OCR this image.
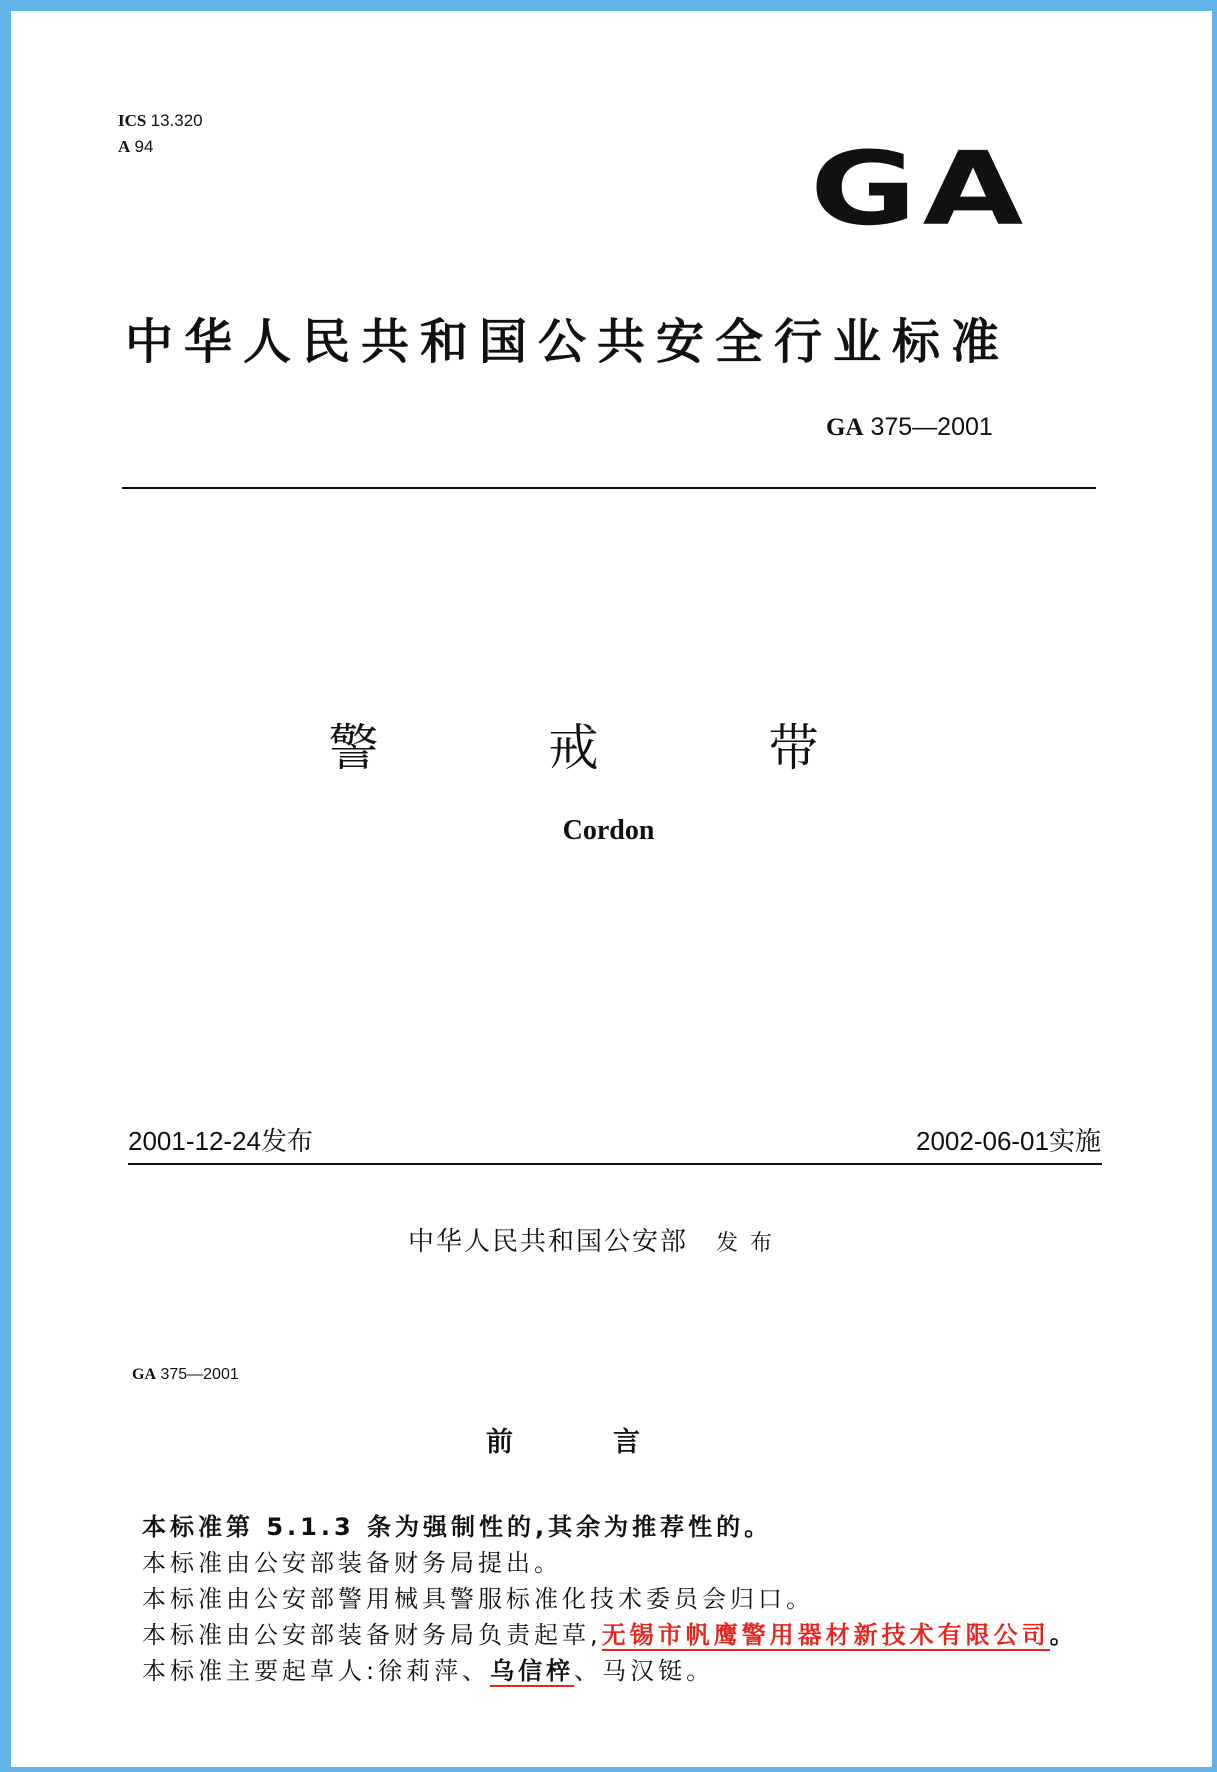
ICS 13.320
A 94	GA
中华人民共和国公共安全行业标准
GA 375—2001
警 戒 带
Cordon
2001-12-24发布	2002-06-01实施
中华人民共和国公安部 发布
GA 375—2001
前言
本标准第 5.1.3 条为强制性的,其余为推荐性的。
本标准由公安部装备财务局提出。
本标准由公安部警用械具警服标准化技术委员会归口。
本标准由公安部装备财务局负责起草,无锡市帆鹰警用器材新技术有限公司。
本标准主要起草人:徐莉萍、乌信梓、马汉铤。
